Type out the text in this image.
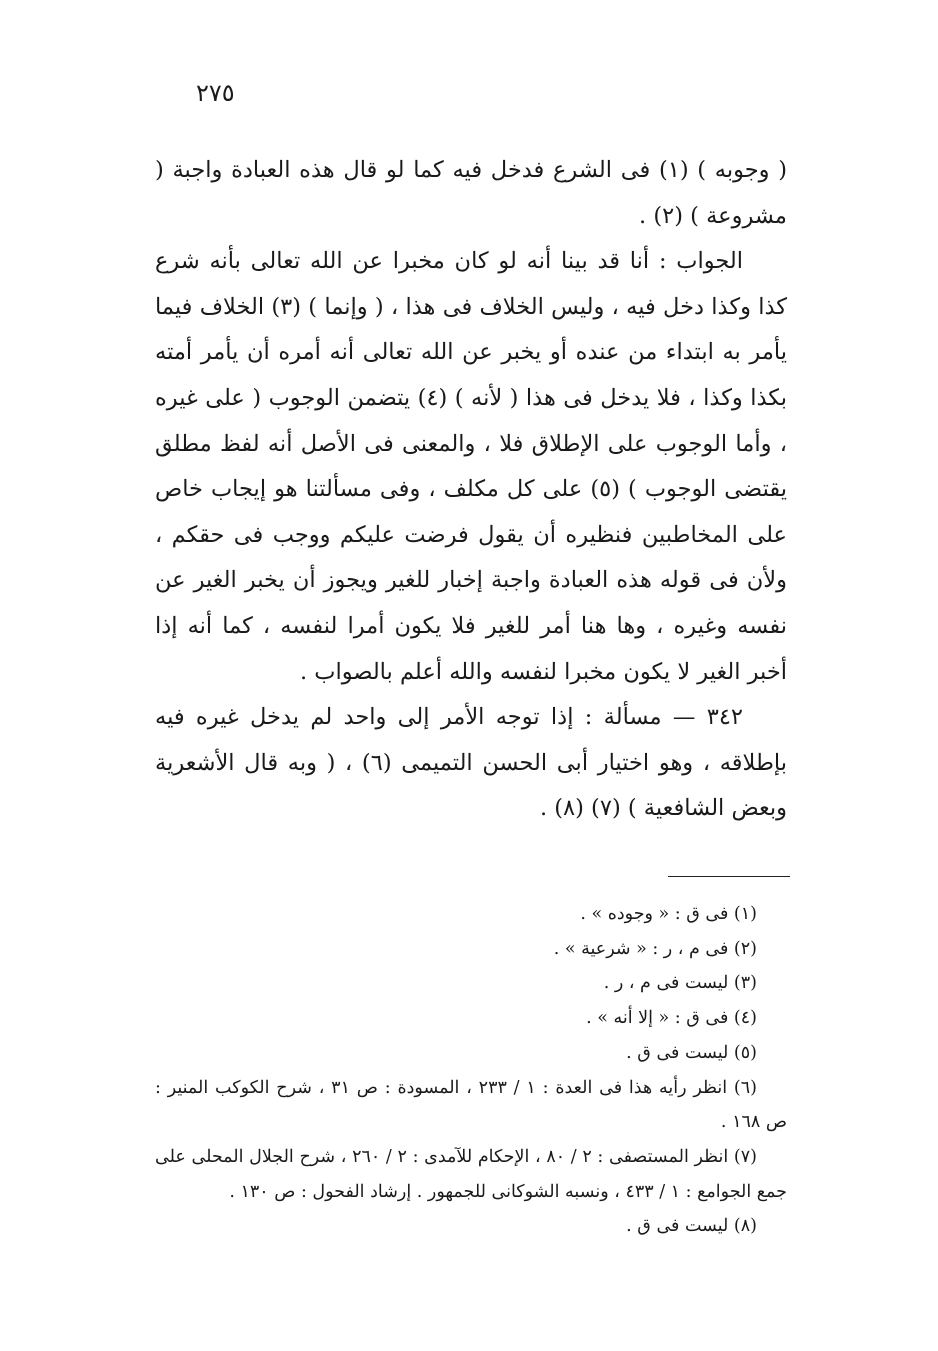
٢٧٥

( وجوبه ) (١) فى الشرع فدخل فيه كما لو قال هذه العبادة واجبة ( مشروعة ) (٢) .

الجواب : أنا قد بينا أنه لو كان مخبرا عن الله تعالى بأنه شرع كذا وكذا دخل فيه ، وليس الخلاف فى هذا ، ( وإنما ) (٣) الخلاف فيما يأمر به ابتداء من عنده أو يخبر عن الله تعالى أنه أمره أن يأمر أمته بكذا وكذا ، فلا يدخل فى هذا ( لأنه ) (٤) يتضمن الوجوب ( على غيره ، وأما الوجوب على الإطلاق فلا ، والمعنى فى الأصل أنه لفظ مطلق يقتضى الوجوب ) (٥) على كل مكلف ، وفى مسألتنا هو إيجاب خاص على المخاطبين فنظيره أن يقول فرضت عليكم ووجب فى حقكم ، ولأن فى قوله هذه العبادة واجبة إخبار للغير ويجوز أن يخبر الغير عن نفسه وغيره ، وها هنا أمر للغير فلا يكون أمرا لنفسه ، كما أنه إذا أخبر الغير لا يكون مخبرا لنفسه والله أعلم بالصواب .

٣٤٢ — مسألة : إذا توجه الأمر إلى واحد لم يدخل غيره فيه بإطلاقه ، وهو اختيار أبى الحسن التميمى (٦) ، ( وبه قال الأشعرية وبعض الشافعية ) (٧) (٨) .

(١) فى ق : « وجوده » .

(٢) فى م ، ر : « شرعية » .

(٣) ليست فى م ، ر .

(٤) فى ق : « إلا أنه » .

(٥) ليست فى ق .

(٦) انظر رأيه هذا فى العدة : ١ / ٢٣٣ ، المسودة : ص ٣١ ، شرح الكوكب المنير : ص ١٦٨ .

(٧) انظر المستصفى : ٢ / ٨٠ ، الإحكام للآمدى : ٢ / ٢٦٠ ، شرح الجلال المحلى على جمع الجوامع : ١ / ٤٣٣ ، ونسبه الشوكانى للجمهور . إرشاد الفحول : ص ١٣٠ .

(٨) ليست فى ق .
